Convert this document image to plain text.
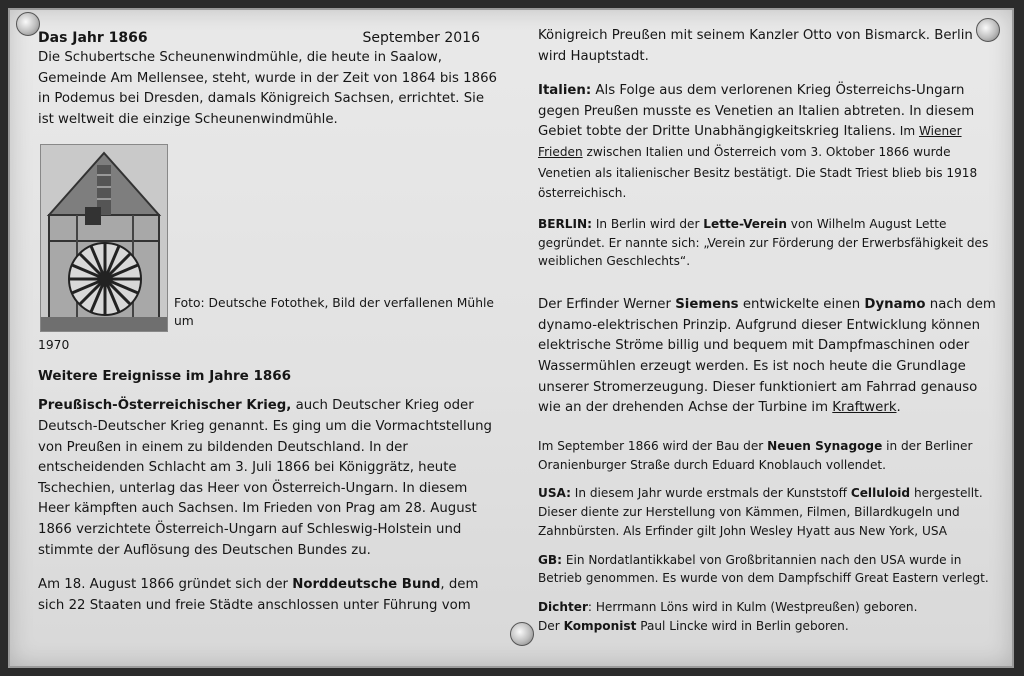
Das Jahr 1866	September 2016

Die Schubertsche Scheunenwindmühle, die heute in Saalow, Gemeinde Am Mellensee, steht, wurde in der Zeit von 1864 bis 1866 in Podemus bei Dresden, damals Königreich Sachsen, errichtet. Sie ist weltweit die einzige Scheunenwindmühle.

Foto: Deutsche Fotothek, Bild der verfallenen Mühle um
1970
Weitere Ereignisse im Jahre 1866

Preußisch-Österreichischer Krieg, auch Deutscher Krieg oder Deutsch-Deutscher Krieg genannt. Es ging um die Vormachtstellung von Preußen in einem zu bildenden Deutschland. In der entscheidenden Schlacht am 3. Juli 1866 bei Königgrätz, heute Tschechien, unterlag das Heer von Österreich-Ungarn. In diesem Heer kämpften auch Sachsen. Im Frieden von Prag am 28. August 1866 verzichtete Österreich-Ungarn auf Schleswig-Holstein und stimmte der Auflösung des Deutschen Bundes zu.

Am 18. August 1866 gründet sich der Norddeutsche Bund, dem sich 22 Staaten und freie Städte anschlossen unter Führung vom

Königreich Preußen mit seinem Kanzler Otto von Bismarck. Berlin wird Hauptstadt.

Italien: Als Folge aus dem verlorenen Krieg Österreichs-Ungarn gegen Preußen musste es Venetien an Italien abtreten. In diesem Gebiet tobte der Dritte Unabhängigkeitskrieg Italiens. Im Wiener Frieden zwischen Italien und Österreich vom 3. Oktober 1866 wurde Venetien als italienischer Besitz bestätigt. Die Stadt Triest blieb bis 1918 österreichisch.

BERLIN: In Berlin wird der Lette-Verein von Wilhelm August Lette gegründet. Er nannte sich: „Verein zur Förderung der Erwerbsfähigkeit des weiblichen Geschlechts“.

Der Erfinder Werner Siemens entwickelte einen Dynamo nach dem dynamo-elektrischen Prinzip. Aufgrund dieser Entwicklung können elektrische Ströme billig und bequem mit Dampfmaschinen oder Wassermühlen erzeugt werden. Es ist noch heute die Grundlage unserer Stromerzeugung. Dieser funktioniert am Fahrrad genauso wie an der drehenden Achse der Turbine im Kraftwerk.

Im September 1866 wird der Bau der Neuen Synagoge in der Berliner Oranienburger Straße durch Eduard Knoblauch vollendet.

USA: In diesem Jahr wurde erstmals der Kunststoff Celluloid hergestellt. Dieser diente zur Herstellung von Kämmen, Filmen, Billardkugeln und Zahnbürsten. Als Erfinder gilt John Wesley Hyatt aus New York, USA

GB: Ein Nordatlantikkabel von Großbritannien nach den USA wurde in Betrieb genommen. Es wurde von dem Dampfschiff Great Eastern verlegt.

Dichter: Herrmann Löns wird in Kulm (Westpreußen) geboren.

Der Komponist Paul Lincke wird in Berlin geboren.
